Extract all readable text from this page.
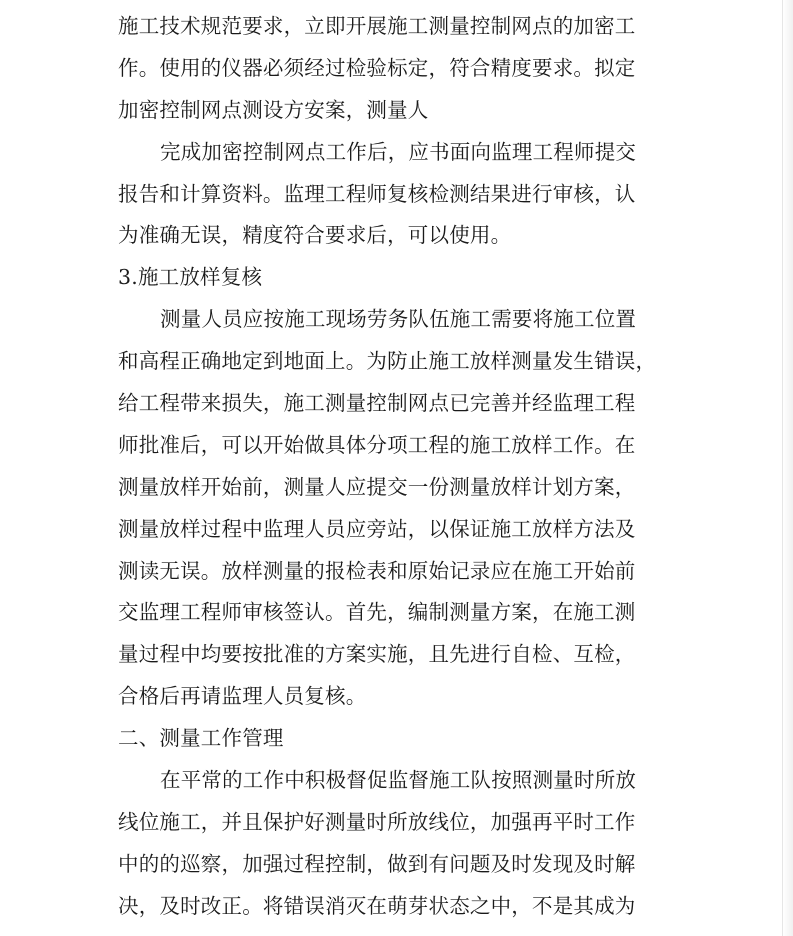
施工技术规范要求，立即开展施工测量控制网点的加密工
作。使用的仪器必须经过检验标定，符合精度要求。拟定
加密控制网点测设方安案，测量人
完成加密控制网点工作后，应书面向监理工程师提交
报告和计算资料。监理工程师复核检测结果进行审核，认
为准确无误，精度符合要求后，可以使用。
3.施工放样复核
测量人员应按施工现场劳务队伍施工需要将施工位置
和高程正确地定到地面上。为防止施工放样测量发生错误，
给工程带来损失，施工测量控制网点已完善并经监理工程
师批准后，可以开始做具体分项工程的施工放样工作。在
测量放样开始前，测量人应提交一份测量放样计划方案，
测量放样过程中监理人员应旁站，以保证施工放样方法及
测读无误。放样测量的报检表和原始记录应在施工开始前
交监理工程师审核签认。首先，编制测量方案，在施工测
量过程中均要按批准的方案实施，且先进行自检、互检，
合格后再请监理人员复核。
二、测量工作管理
在平常的工作中积极督促监督施工队按照测量时所放
线位施工，并且保护好测量时所放线位，加强再平时工作
中的的巡察，加强过程控制，做到有问题及时发现及时解
决，及时改正。将错误消灭在萌芽状态之中，不是其成为
